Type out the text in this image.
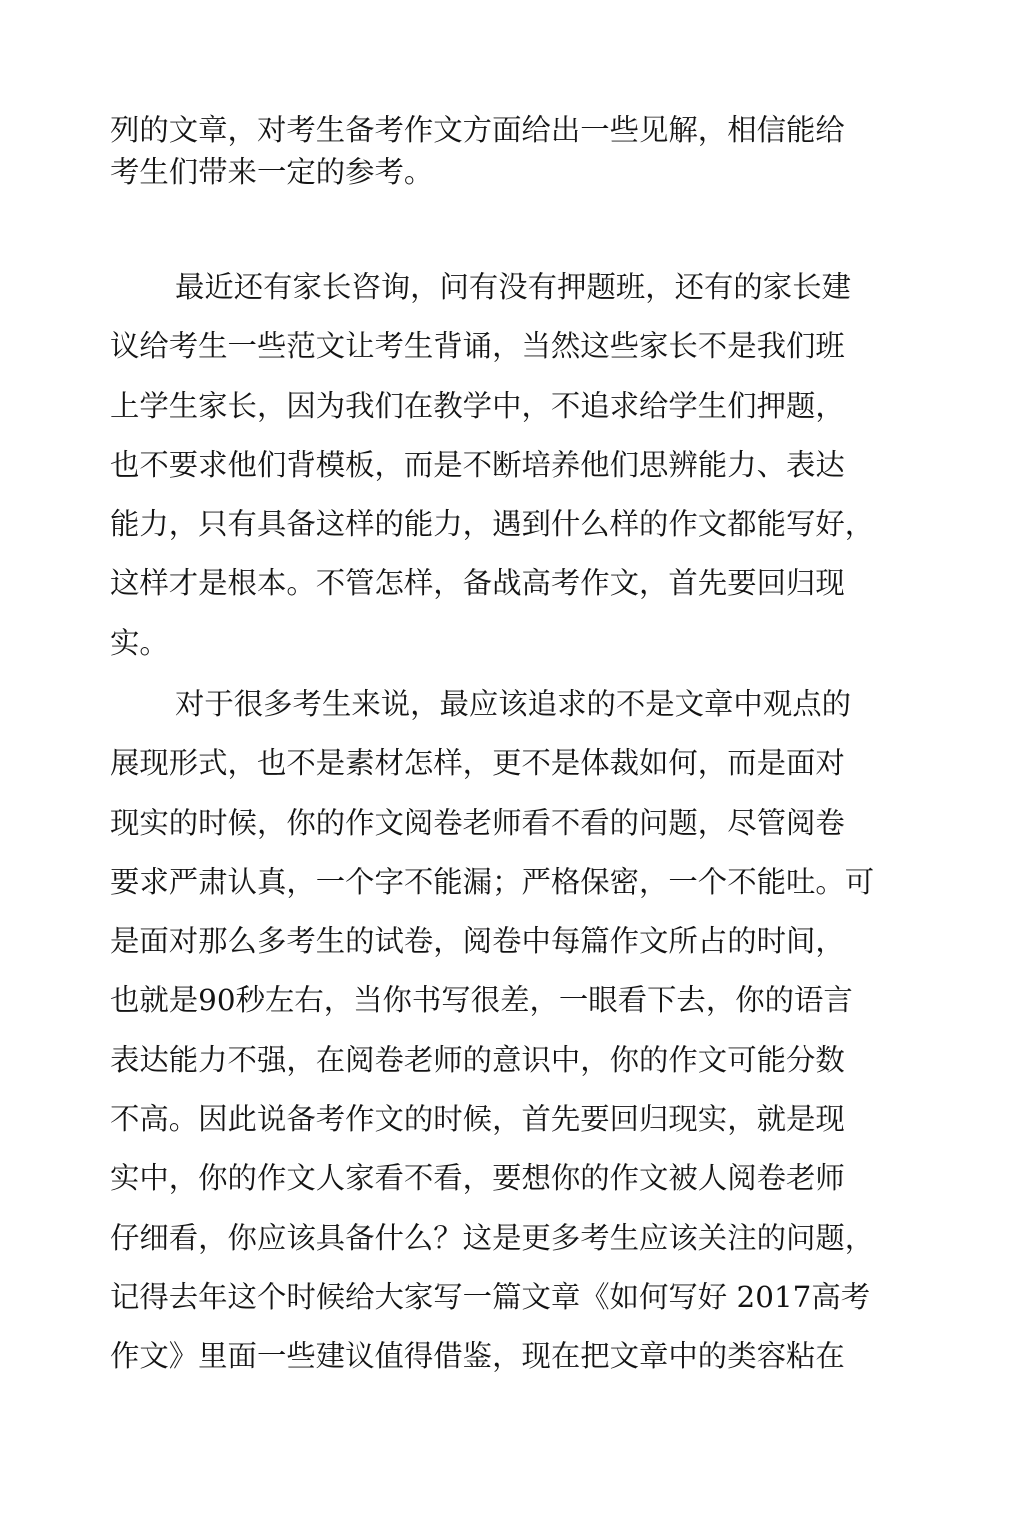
列的文章，对考生备考作文方面给出一些见解，相信能给
考生们带来一定的参考。
最近还有家长咨询，问有没有押题班，还有的家长建
议给考生一些范文让考生背诵，当然这些家长不是我们班
上学生家长，因为我们在教学中，不追求给学生们押题，
也不要求他们背模板，而是不断培养他们思辨能力、表达
能力，只有具备这样的能力，遇到什么样的作文都能写好，
这样才是根本。不管怎样，备战高考作文，首先要回归现
实。
对于很多考生来说，最应该追求的不是文章中观点的
展现形式，也不是素材怎样，更不是体裁如何，而是面对
现实的时候，你的作文阅卷老师看不看的问题，尽管阅卷
要求严肃认真，一个字不能漏；严格保密，一个不能吐。可
是面对那么多考生的试卷，阅卷中每篇作文所占的时间，
也就是90秒左右，当你书写很差，一眼看下去，你的语言
表达能力不强，在阅卷老师的意识中，你的作文可能分数
不高。因此说备考作文的时候，首先要回归现实，就是现
实中，你的作文人家看不看，要想你的作文被人阅卷老师
仔细看，你应该具备什么？这是更多考生应该关注的问题，
记得去年这个时候给大家写一篇文章《如何写好 2017高考
作文》里面一些建议值得借鉴，现在把文章中的类容粘在
